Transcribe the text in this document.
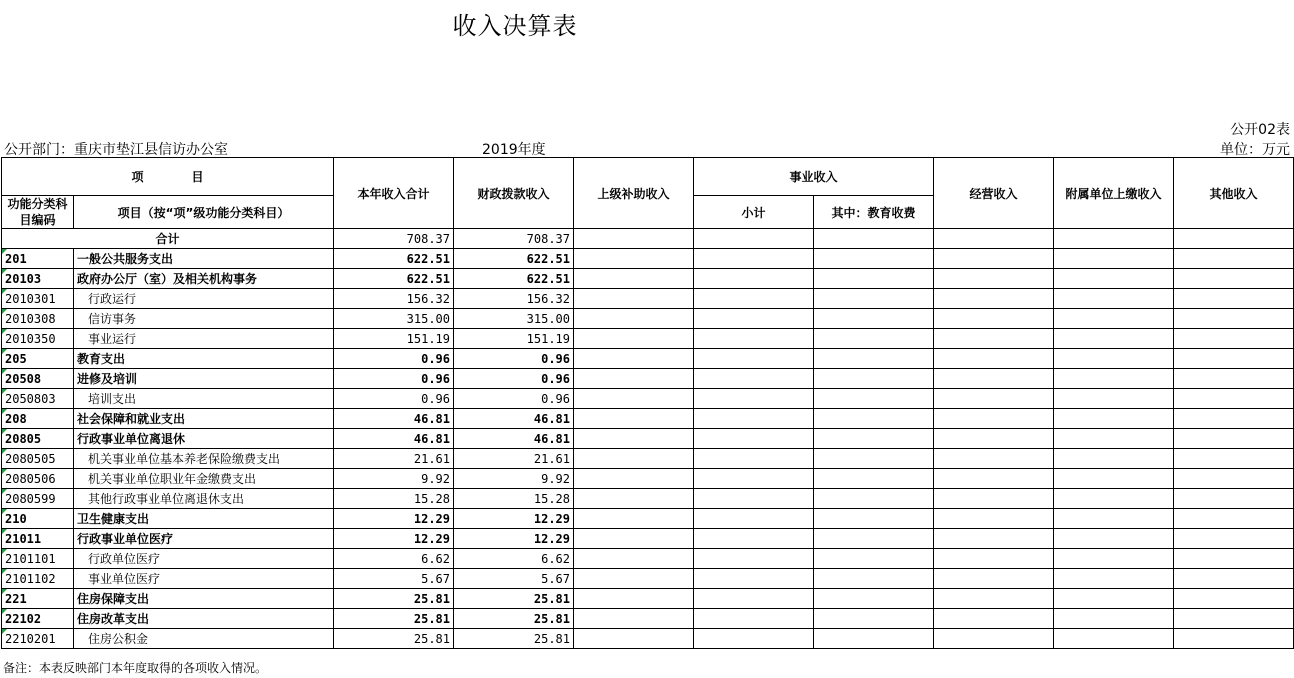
收入决算表
公开02表
公开部门：重庆市垫江县信访办公室	2019年度	单位：万元
项　　　　目		本年收入合计	财政拨款收入	上级补助收入	事业收入		经营收入	附属单位上缴收入	其他收入
功能分类科目编码	项目（按“项”级功能分类科目）				小计	其中：教育收费			

合计		708.37	708.37						
201	一般公共服务支出	622.51	622.51						
20103	政府办公厅（室）及相关机构事务	622.51	622.51						
2010301	行政运行	156.32	156.32						
2010308	信访事务	315.00	315.00						
2010350	事业运行	151.19	151.19						
205	教育支出	0.96	0.96						
20508	进修及培训	0.96	0.96						
2050803	培训支出	0.96	0.96						
208	社会保障和就业支出	46.81	46.81						
20805	行政事业单位离退休	46.81	46.81						
2080505	机关事业单位基本养老保险缴费支出	21.61	21.61						
2080506	机关事业单位职业年金缴费支出	9.92	9.92						
2080599	其他行政事业单位离退休支出	15.28	15.28						
210	卫生健康支出	12.29	12.29						
21011	行政事业单位医疗	12.29	12.29						
2101101	行政单位医疗	6.62	6.62						
2101102	事业单位医疗	5.67	5.67						
221	住房保障支出	25.81	25.81						
22102	住房改革支出	25.81	25.81						
2210201	住房公积金	25.81	25.81						
备注：本表反映部门本年度取得的各项收入情况。
